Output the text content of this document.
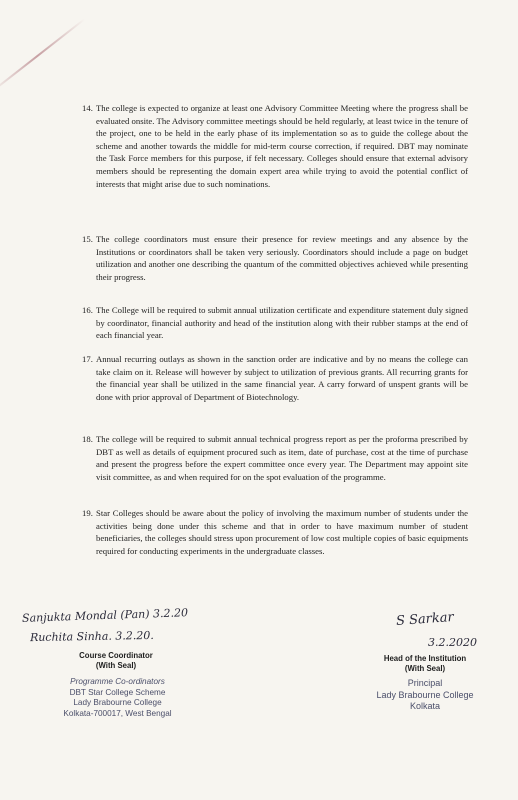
14. The college is expected to organize at least one Advisory Committee Meeting where the progress shall be evaluated onsite. The Advisory committee meetings should be held regularly, at least twice in the tenure of the project, one to be held in the early phase of its implementation so as to guide the college about the scheme and another towards the middle for mid-term course correction, if required. DBT may nominate the Task Force members for this purpose, if felt necessary. Colleges should ensure that external advisory members should be representing the domain expert area while trying to avoid the potential conflict of interests that might arise due to such nominations.
15. The college coordinators must ensure their presence for review meetings and any absence by the Institutions or coordinators shall be taken very seriously. Coordinators should include a page on budget utilization and another one describing the quantum of the committed objectives achieved while presenting their progress.
16. The College will be required to submit annual utilization certificate and expenditure statement duly signed by coordinator, financial authority and head of the institution along with their rubber stamps at the end of each financial year.
17. Annual recurring outlays as shown in the sanction order are indicative and by no means the college can take claim on it. Release will however by subject to utilization of previous grants. All recurring grants for the financial year shall be utilized in the same financial year. A carry forward of unspent grants will be done with prior approval of Department of Biotechnology.
18. The college will be required to submit annual technical progress report as per the proforma prescribed by DBT as well as details of equipment procured such as item, date of purchase, cost at the time of purchase and present the progress before the expert committee once every year. The Department may appoint site visit committee, as and when required for on the spot evaluation of the programme.
19. Star Colleges should be aware about the policy of involving the maximum number of students under the activities being done under this scheme and that in order to have maximum number of student beneficiaries, the colleges should stress upon procurement of low cost multiple copies of basic equipments required for conducting experiments in the undergraduate classes.
Sanjukta Mondal (Pan) 3.2.20
Ruchita Sinha. 3.2.20.
Course Coordinator
(With Seal)
Programme Co-ordinators
DBT Star College Scheme
Lady Brabourne College
Kolkata-700017, West Bengal
S Sarkar
3.2.2020
Head of the Institution
(With Seal)
Principal
Lady Brabourne College
Kolkata
